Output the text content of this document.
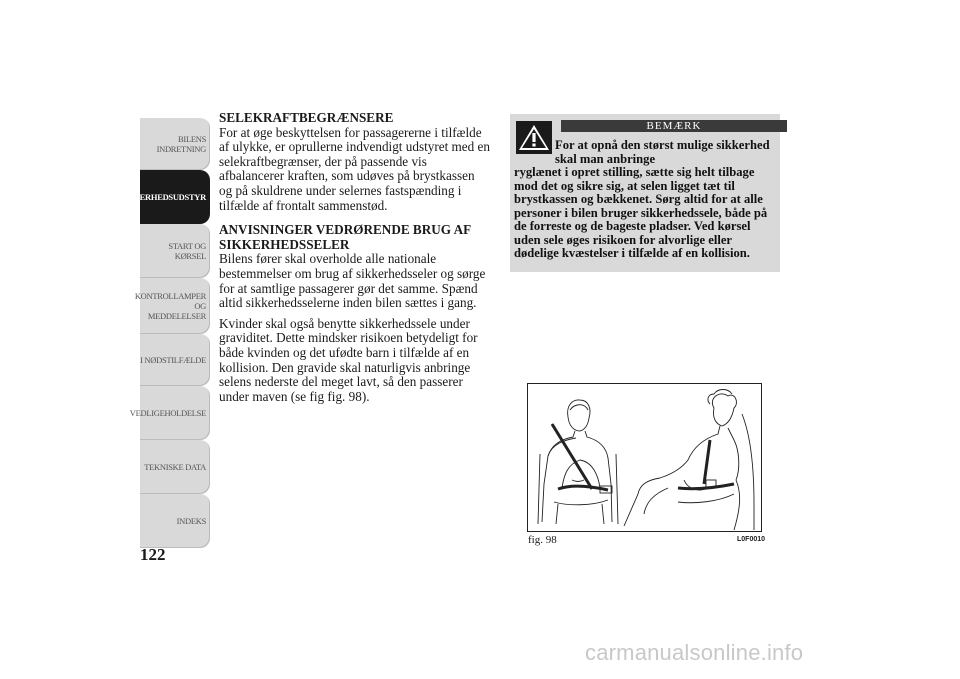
BILENS
INDRETNING
SIKKERHEDSUDSTYR
START OG KØRSEL
KONTROLLAMPER
OG MEDDELELSER
I NØDSTILFÆLDE
VEDLIGEHOLDELSE
TEKNISKE DATA
INDEKS
122
SELEKRAFTBEGRÆNSERE

For at øge beskyttelsen for passagererne i tilfælde af ulykke, er oprullerne indvendigt udstyret med en selekraftbegrænser, der på passende vis afbalancerer kraften, som udøves på brystkassen og på skuldrene under selernes fastspænding i tilfælde af frontalt sammenstød.

ANVISNINGER VEDRØRENDE BRUG AF SIKKERHEDSSELER

Bilens fører skal overholde alle nationale bestemmelser om brug af sikkerhedsseler og sørge for at samtlige passagerer gør det samme. Spænd altid sikkerhedsselerne inden bilen sættes i gang.

Kvinder skal også benytte sikkerhedssele under graviditet. Dette mindsker risikoen betydeligt for både kvinden og det ufødte barn i tilfælde af en kollision. Den gravide skal naturligvis anbringe selens nederste del meget lavt, så den passerer under maven (se fig fig. 98).

BEMÆRK
For at opnå den størst mulige sikkerhed skal man anbringe
ryglænet i opret stilling, sætte sig helt tilbage mod det og sikre sig, at selen ligget tæt til brystkassen og bækkenet. Sørg altid for at alle personer i bilen bruger sikkerhedssele, både på de forreste og de bageste pladser. Ved kørsel uden sele øges risikoen for alvorlige eller dødelige kvæstelser i tilfælde af en kollision.
fig. 98	L0F0010
carmanualsonline.info
